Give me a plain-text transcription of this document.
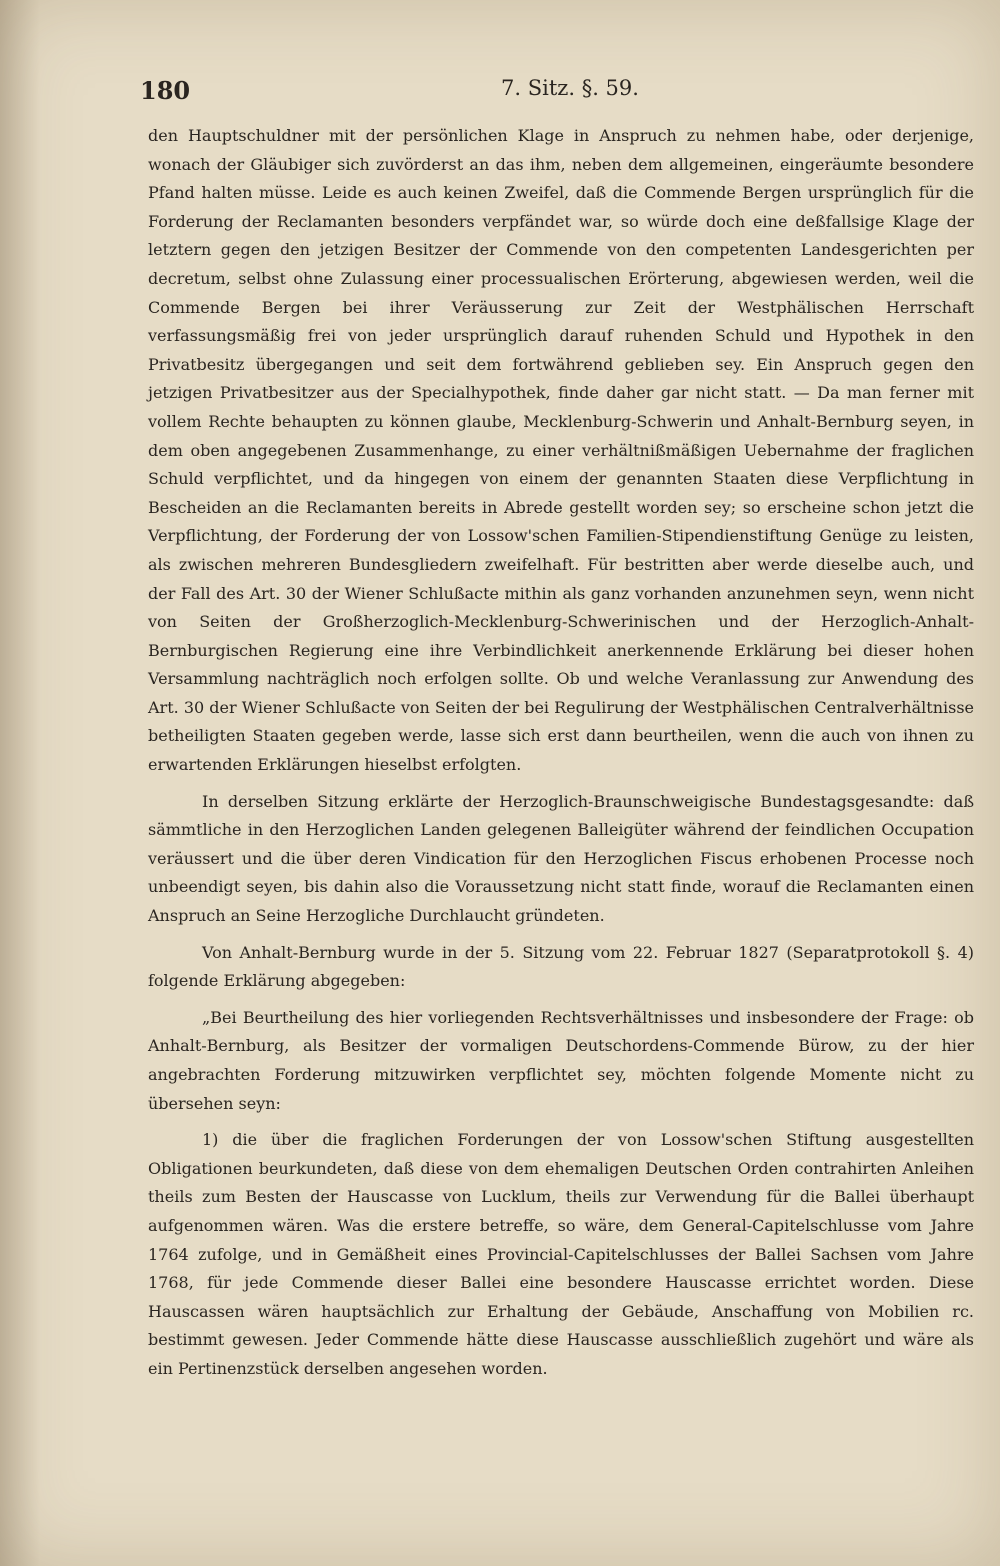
180	7. Sitz. §. 59.

den Hauptschuldner mit der persönlichen Klage in Anspruch zu nehmen habe, oder derjenige, wonach der Gläubiger sich zuvörderst an das ihm, neben dem allgemeinen, eingeräumte besondere Pfand halten müsse. Leide es auch keinen Zweifel, daß die Commende Bergen ursprünglich für die Forderung der Reclamanten besonders verpfändet war, so würde doch eine deßfallsige Klage der letztern gegen den jetzigen Besitzer der Commende von den competenten Landesgerichten per decretum, selbst ohne Zulassung einer processualischen Erörterung, abgewiesen werden, weil die Commende Bergen bei ihrer Veräusserung zur Zeit der Westphälischen Herrschaft verfassungsmäßig frei von jeder ursprünglich darauf ruhenden Schuld und Hypothek in den Privatbesitz übergegangen und seit dem fortwährend geblieben sey. Ein Anspruch gegen den jetzigen Privatbesitzer aus der Specialhypothek, finde daher gar nicht statt. — Da man ferner mit vollem Rechte behaupten zu können glaube, Mecklenburg-Schwerin und Anhalt-Bernburg seyen, in dem oben angegebenen Zusammenhange, zu einer verhältnißmäßigen Uebernahme der fraglichen Schuld verpflichtet, und da hingegen von einem der genannten Staaten diese Verpflichtung in Bescheiden an die Reclamanten bereits in Abrede gestellt worden sey; so erscheine schon jetzt die Verpflichtung, der Forderung der von Lossow'schen Familien-Stipendienstiftung Genüge zu leisten, als zwischen mehreren Bundesgliedern zweifelhaft. Für bestritten aber werde dieselbe auch, und der Fall des Art. 30 der Wiener Schlußacte mithin als ganz vorhanden anzunehmen seyn, wenn nicht von Seiten der Großherzoglich-Mecklenburg-Schwerinischen und der Herzoglich-Anhalt-Bernburgischen Regierung eine ihre Verbindlichkeit anerkennende Erklärung bei dieser hohen Versammlung nachträglich noch erfolgen sollte. Ob und welche Veranlassung zur Anwendung des Art. 30 der Wiener Schlußacte von Seiten der bei Regulirung der Westphälischen Centralverhältnisse betheiligten Staaten gegeben werde, lasse sich erst dann beurtheilen, wenn die auch von ihnen zu erwartenden Erklärungen hieselbst erfolgten.

In derselben Sitzung erklärte der Herzoglich-Braunschweigische Bundestagsgesandte: daß sämmtliche in den Herzoglichen Landen gelegenen Balleigüter während der feindlichen Occupation veräussert und die über deren Vindication für den Herzoglichen Fiscus erhobenen Processe noch unbeendigt seyen, bis dahin also die Voraussetzung nicht statt finde, worauf die Reclamanten einen Anspruch an Seine Herzogliche Durchlaucht gründeten.

Von Anhalt-Bernburg wurde in der 5. Sitzung vom 22. Februar 1827 (Separatprotokoll §. 4) folgende Erklärung abgegeben:

„Bei Beurtheilung des hier vorliegenden Rechtsverhältnisses und insbesondere der Frage: ob Anhalt-Bernburg, als Besitzer der vormaligen Deutschordens-Commende Bürow, zu der hier angebrachten Forderung mitzuwirken verpflichtet sey, möchten folgende Momente nicht zu übersehen seyn:

1) die über die fraglichen Forderungen der von Lossow'schen Stiftung ausgestellten Obligationen beurkundeten, daß diese von dem ehemaligen Deutschen Orden contrahirten Anleihen theils zum Besten der Hauscasse von Lucklum, theils zur Verwendung für die Ballei überhaupt aufgenommen wären. Was die erstere betreffe, so wäre, dem General-Capitelschlusse vom Jahre 1764 zufolge, und in Gemäßheit eines Provincial-Capitelschlusses der Ballei Sachsen vom Jahre 1768, für jede Commende dieser Ballei eine besondere Hauscasse errichtet worden. Diese Hauscassen wären hauptsächlich zur Erhaltung der Gebäude, Anschaffung von Mobilien rc. bestimmt gewesen. Jeder Commende hätte diese Hauscasse ausschließlich zugehört und wäre als ein Pertinenzstück derselben angesehen worden.
